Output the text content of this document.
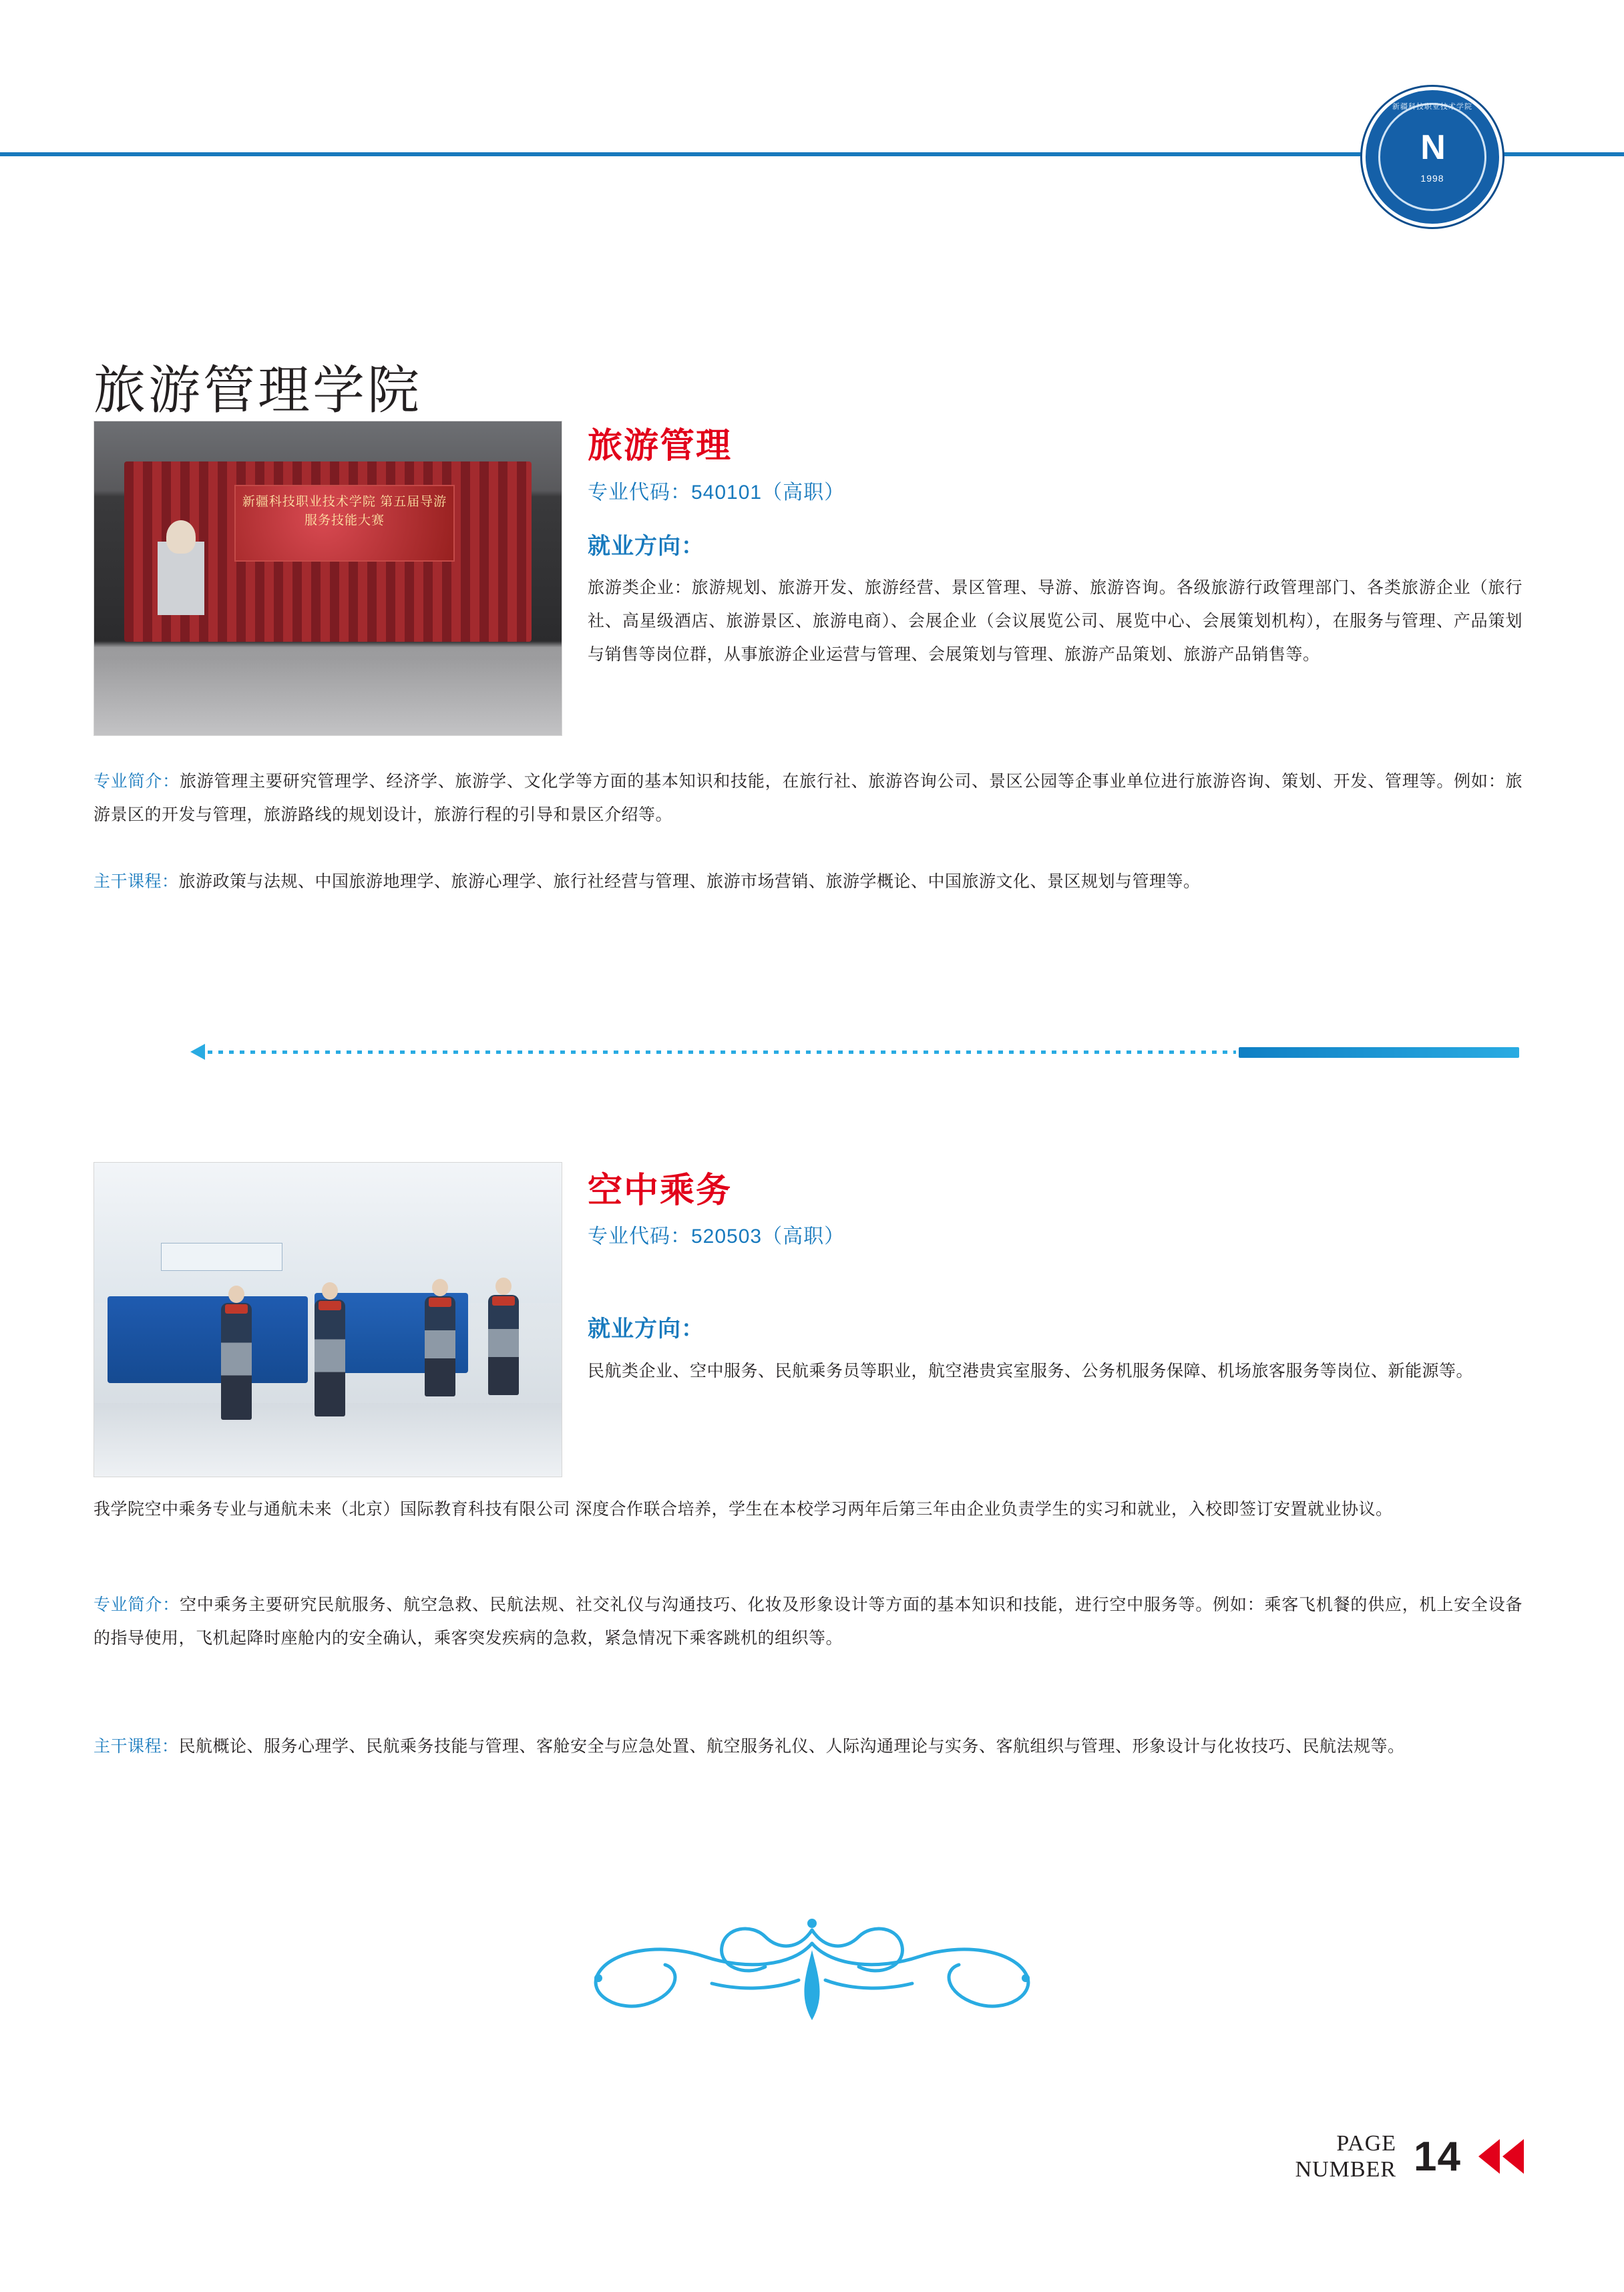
新疆科技职业技术学院
N
1998
旅游管理学院
新疆科技职业技术学院 第五届导游服务技能大赛
旅游管理
专业代码：540101（高职）
就业方向：
旅游类企业：旅游规划、旅游开发、旅游经营、景区管理、导游、旅游咨询。各级旅游行政管理部门、各类旅游企业（旅行社、高星级酒店、旅游景区、旅游电商）、会展企业（会议展览公司、展览中心、会展策划机构），在服务与管理、产品策划与销售等岗位群，从事旅游企业运营与管理、会展策划与管理、旅游产品策划、旅游产品销售等。
专业简介：旅游管理主要研究管理学、经济学、旅游学、文化学等方面的基本知识和技能，在旅行社、旅游咨询公司、景区公园等企事业单位进行旅游咨询、策划、开发、管理等。例如：旅游景区的开发与管理，旅游路线的规划设计，旅游行程的引导和景区介绍等。
主干课程：旅游政策与法规、中国旅游地理学、旅游心理学、旅行社经营与管理、旅游市场营销、旅游学概论、中国旅游文化、景区规划与管理等。
空中乘务
专业代码：520503（高职）
就业方向：
民航类企业、空中服务、民航乘务员等职业，航空港贵宾室服务、公务机服务保障、机场旅客服务等岗位、新能源等。
我学院空中乘务专业与通航未来（北京）国际教育科技有限公司 深度合作联合培养，学生在本校学习两年后第三年由企业负责学生的实习和就业，入校即签订安置就业协议。
专业简介：空中乘务主要研究民航服务、航空急救、民航法规、社交礼仪与沟通技巧、化妆及形象设计等方面的基本知识和技能，进行空中服务等。例如：乘客飞机餐的供应，机上安全设备的指导使用，飞机起降时座舱内的安全确认，乘客突发疾病的急救，紧急情况下乘客跳机的组织等。
主干课程：民航概论、服务心理学、民航乘务技能与管理、客舱安全与应急处置、航空服务礼仪、人际沟通理论与实务、客航组织与管理、形象设计与化妆技巧、民航法规等。
PAGE
NUMBER 14
